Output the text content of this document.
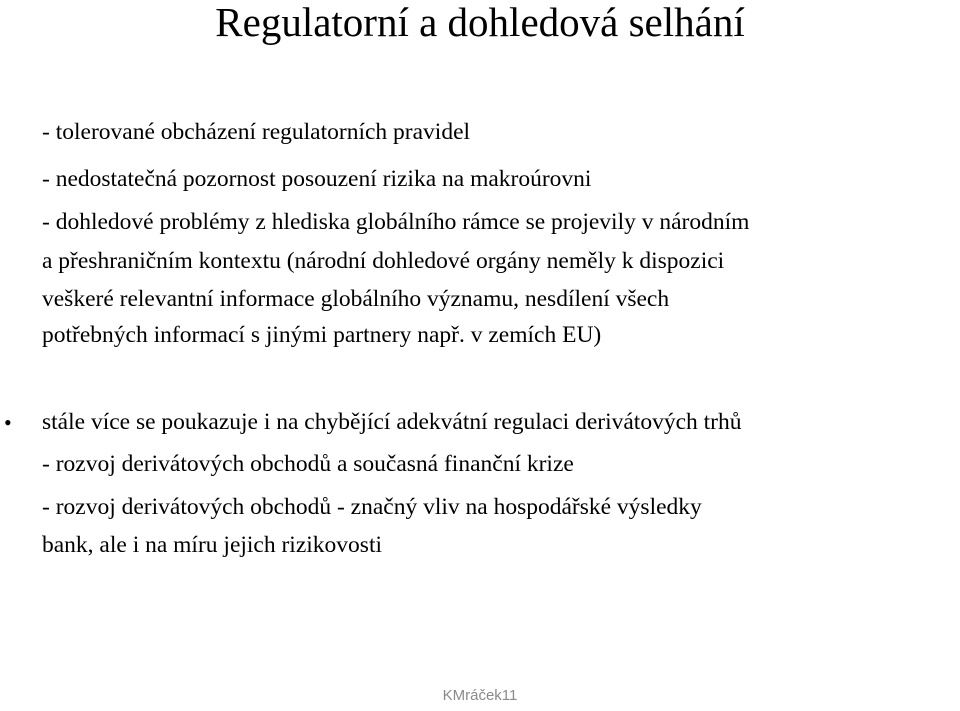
Regulatorní a dohledová selhání
- tolerované obcházení regulatorních pravidel
- nedostatečná pozornost posouzení rizika na makroúrovni
- dohledové problémy z hlediska globálního rámce se projevily v národním
a přeshraničním kontextu (národní dohledové orgány neměly k dispozici
veškeré relevantní informace globálního významu, nesdílení všech
potřebných informací s jinými partnery např. v zemích EU)
• stále více se poukazuje i na chybějící adekvátní regulaci derivátových trhů
- rozvoj derivátových obchodů a současná finanční krize
- rozvoj derivátových obchodů - značný vliv na hospodářské výsledky
bank, ale i na míru jejich rizikovosti
KMráček11
